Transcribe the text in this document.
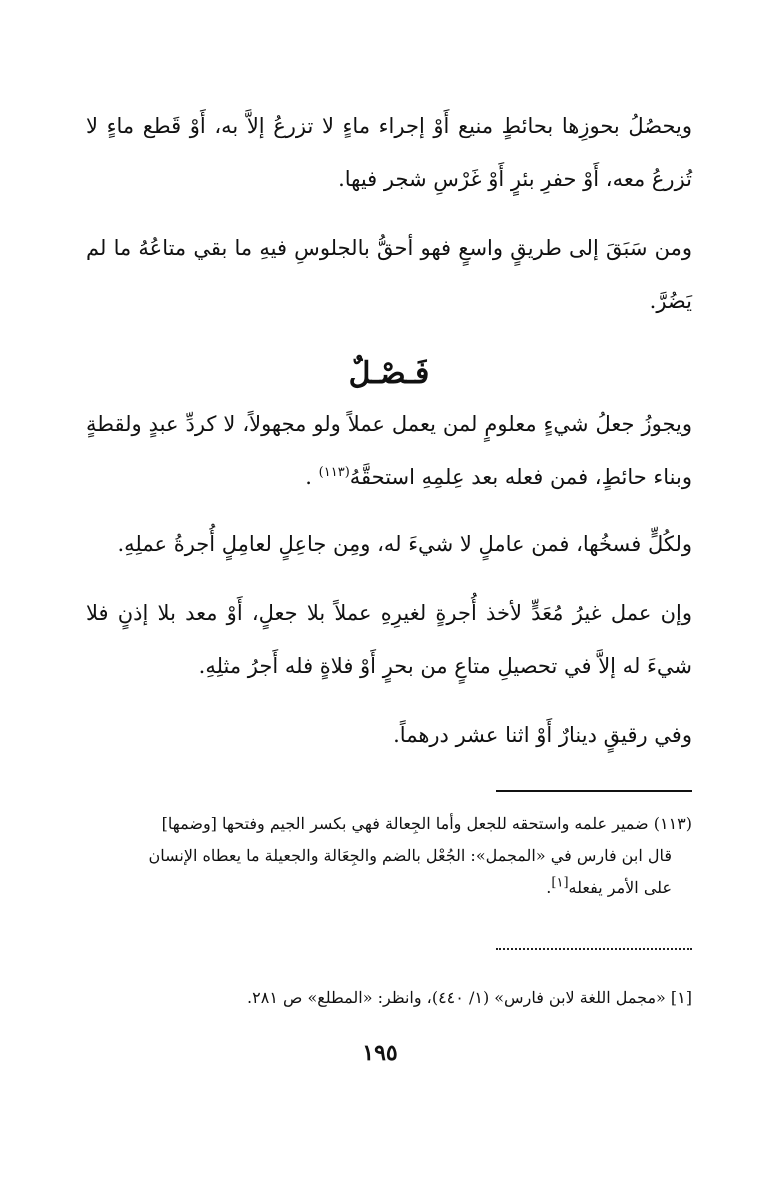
ويحصُلُ بحوزِها بحائطٍ منيع أَوْ إجراء ماءٍ لا تزرعُ إلاَّ به، أَوْ قَطع ماءٍ لا تُزرعُ معه، أَوْ حفرِ بئرٍ أَوْ غَرْسِ شجر فيها.

ومن سَبَقَ إلى طريقٍ واسعٍ فهو أحقُّ بالجلوسِ فيهِ ما بقي متاعُهُ ما لم يَضُرَّ.

فَـصْـلٌ

ويجوزُ جعلُ شيءٍ معلومٍ لمن يعمل عملاً ولو مجهولاً، لا كردِّ عبدٍ ولقطةٍ وبناء حائطٍ، فمن فعله بعد عِلمِهِ استحقَّهُ$^{(١١٣)}$ .

ولكُلٍّ فسخُها، فمن عاملٍ لا شيءَ له، ومِن جاعِلٍ لعامِلٍ أُجرةُ عملِهِ.

وإن عمل غيرُ مُعَدٍّ لأخذ أُجرةٍ لغيرِهِ عملاً بلا جعلٍ، أَوْ معد بلا إذنٍ فلا شيءَ له إلاَّ في تحصيلِ متاعٍ من بحرٍ أَوْ فلاةٍ فله أَجرُ مثلِهِ.

وفي رقيقٍ دينارٌ أَوْ اثنا عشر درهماً.

(١١٣) ضمير علمه واستحقه للجعل وأما الجِعالة فهي بكسر الجيم وفتحها [وضمها]

قال ابن فارس في «المجمل»: الجُعْل بالضم والجِعَالة والجعيلة ما يعطاه الإنسان

على الأمر يفعله[١].

[١] «مجمل اللغة لابن فارس» (١/ ٤٤٠)، وانظر: «المطلع» ص ٢٨١.
١٩٥
